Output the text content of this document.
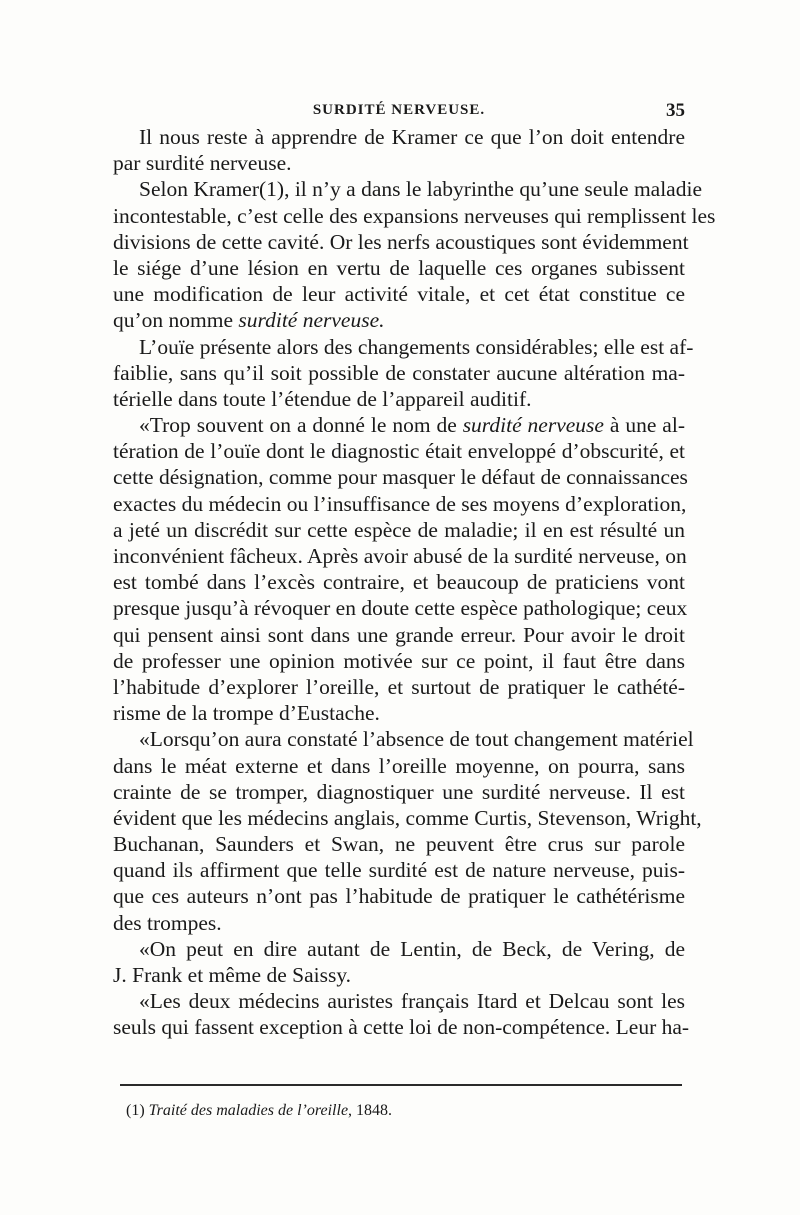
SURDITÉ NERVEUSE.	35
Il nous reste à apprendre de Kramer ce que l’on doit entendre
par surdité nerveuse.
Selon Kramer(1), il n’y a dans le labyrinthe qu’une seule maladie
incontestable, c’est celle des expansions nerveuses qui remplissent les
divisions de cette cavité. Or les nerfs acoustiques sont évidemment
le siége d’une lésion en vertu de laquelle ces organes subissent
une modification de leur activité vitale, et cet état constitue ce
qu’on nomme surdité nerveuse.
L’ouïe présente alors des changements considérables; elle est af-
faiblie, sans qu’il soit possible de constater aucune altération ma-
térielle dans toute l’étendue de l’appareil auditif.
«Trop souvent on a donné le nom de surdité nerveuse à une al-
tération de l’ouïe dont le diagnostic était enveloppé d’obscurité, et
cette désignation, comme pour masquer le défaut de connaissances
exactes du médecin ou l’insuffisance de ses moyens d’exploration,
a jeté un discrédit sur cette espèce de maladie; il en est résulté un
inconvénient fâcheux. Après avoir abusé de la surdité nerveuse, on
est tombé dans l’excès contraire, et beaucoup de praticiens vont
presque jusqu’à révoquer en doute cette espèce pathologique; ceux
qui pensent ainsi sont dans une grande erreur. Pour avoir le droit
de professer une opinion motivée sur ce point, il faut être dans
l’habitude d’explorer l’oreille, et surtout de pratiquer le cathété-
risme de la trompe d’Eustache.
«Lorsqu’on aura constaté l’absence de tout changement matériel
dans le méat externe et dans l’oreille moyenne, on pourra, sans
crainte de se tromper, diagnostiquer une surdité nerveuse. Il est
évident que les médecins anglais, comme Curtis, Stevenson, Wright,
Buchanan, Saunders et Swan, ne peuvent être crus sur parole
quand ils affirment que telle surdité est de nature nerveuse, puis-
que ces auteurs n’ont pas l’habitude de pratiquer le cathétérisme
des trompes.
«On peut en dire autant de Lentin, de Beck, de Vering, de
J. Frank et même de Saissy.
«Les deux médecins auristes français Itard et Delcau sont les
seuls qui fassent exception à cette loi de non-compétence. Leur ha-
(1) Traité des maladies de l’oreille, 1848.
